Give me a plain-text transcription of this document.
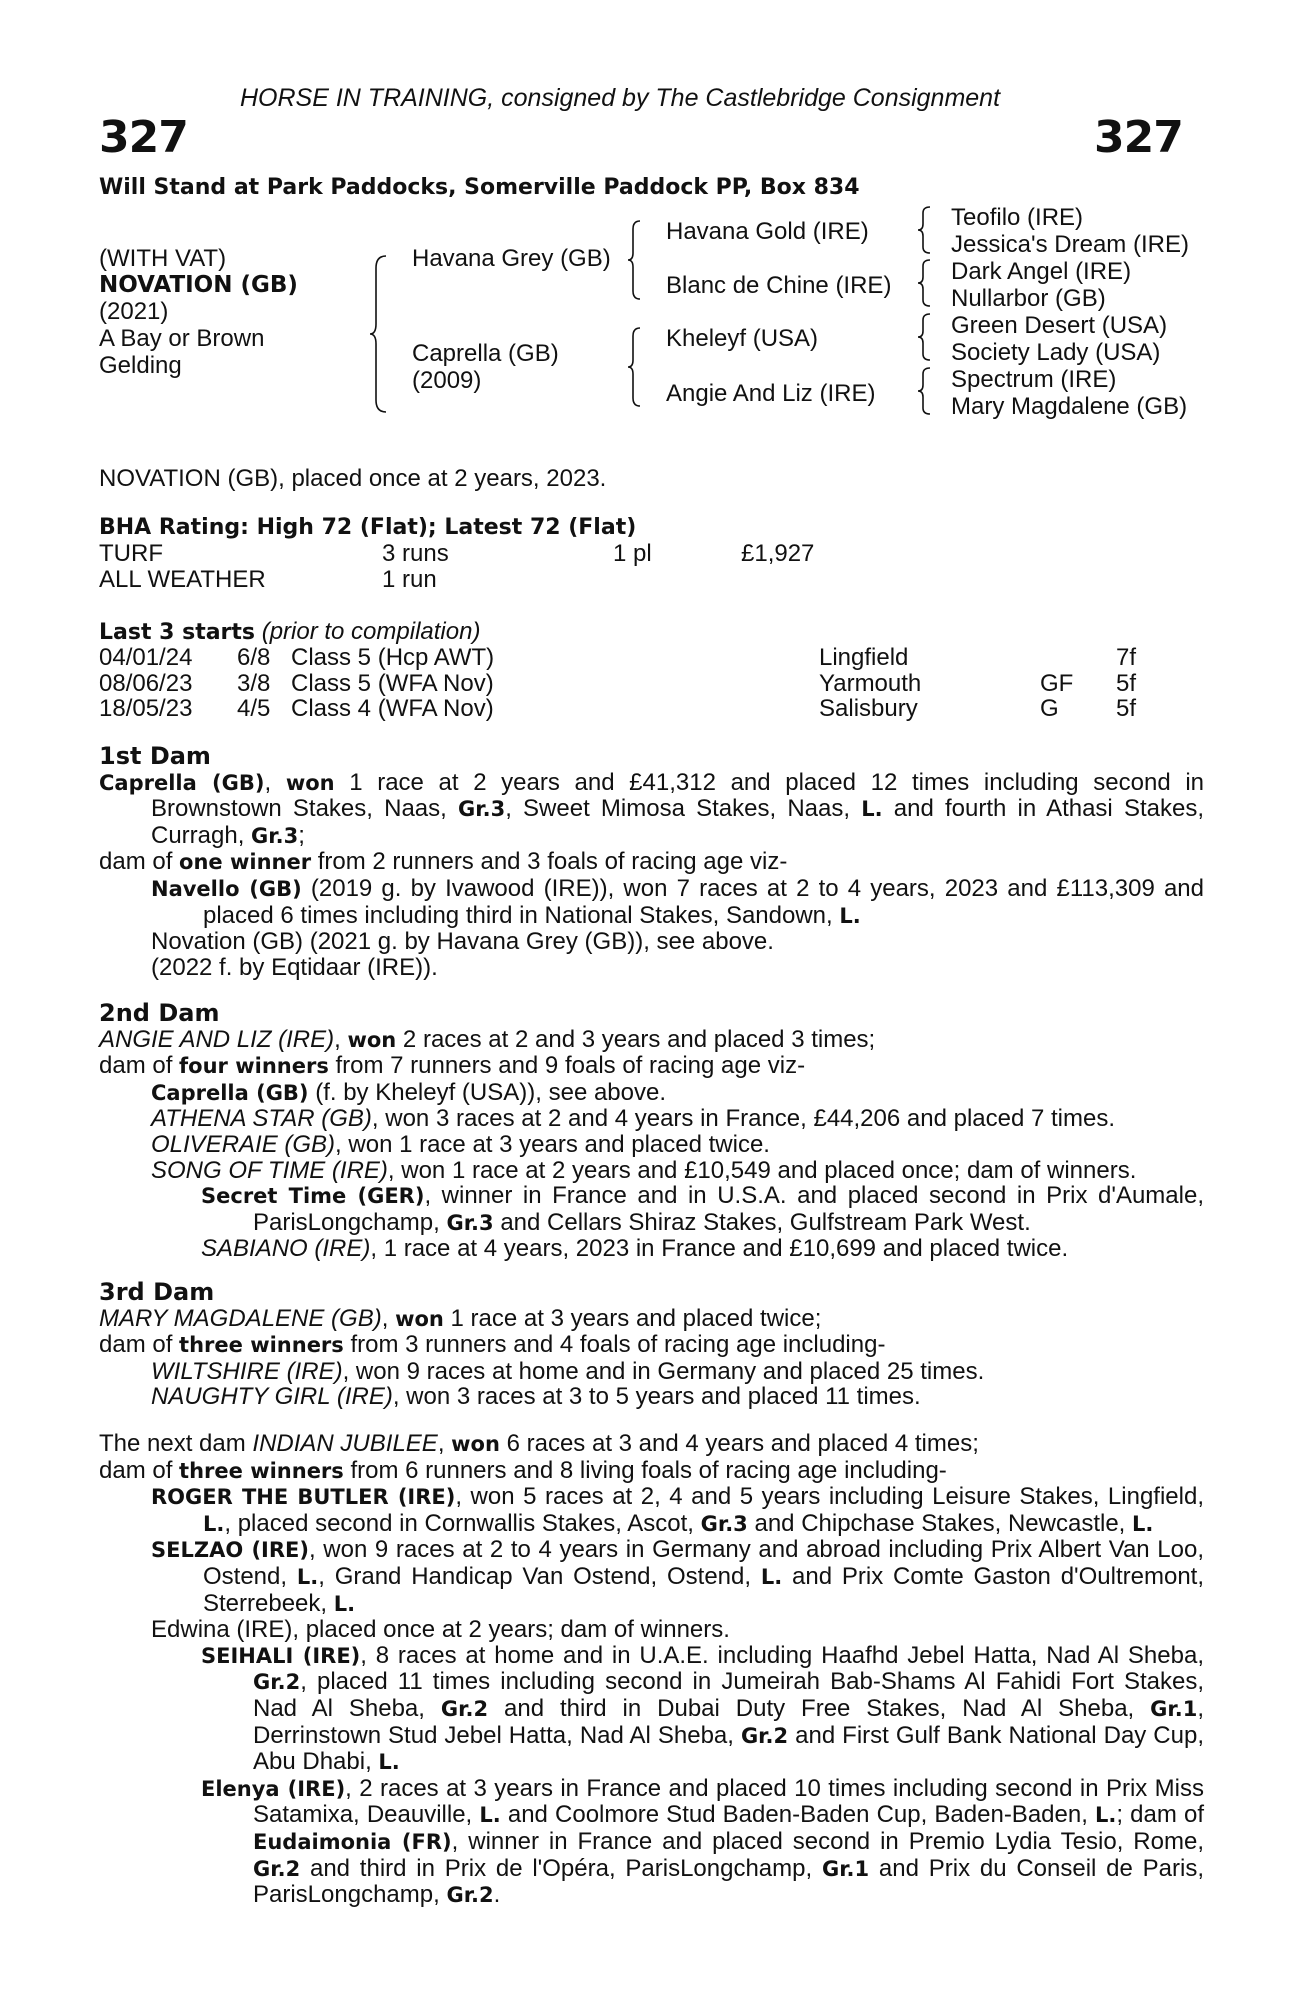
HORSE IN TRAINING, consigned by The Castlebridge Consignment
327	327
Will Stand at Park Paddocks, Somerville Paddock PP, Box 834
(WITH VAT)
NOVATION (GB)
(2021)
A Bay or Brown
Gelding
Havana Grey (GB)
Caprella (GB)
(2009)
Havana Gold (IRE)
Blanc de Chine (IRE)
Kheleyf (USA)
Angie And Liz (IRE)
Teofilo (IRE)
Jessica's Dream (IRE)
Dark Angel (IRE)
Nullarbor (GB)
Green Desert (USA)
Society Lady (USA)
Spectrum (IRE)
Mary Magdalene (GB)
NOVATION (GB), placed once at 2 years, 2023.
BHA Rating: High 72 (Flat); Latest 72 (Flat)
TURF	3 runs	1 pl	£1,927
ALL WEATHER	1 run
Last 3 starts (prior to compilation)
04/01/24 6/8 Class 5 (Hcp AWT)	Lingfield	7f
08/06/23 3/8 Class 5 (WFA Nov)	Yarmouth	GF 5f
18/05/23 4/5 Class 4 (WFA Nov)	Salisbury	G 5f
1st Dam
Caprella (GB), won 1 race at 2 years and £41,312 and placed 12 times including second in Brownstown Stakes, Naas, Gr.3, Sweet Mimosa Stakes, Naas, L. and fourth in Athasi Stakes, Curragh, Gr.3;
dam of one winner from 2 runners and 3 foals of racing age viz-
Navello (GB) (2019 g. by Ivawood (IRE)), won 7 races at 2 to 4 years, 2023 and £113,309 and placed 6 times including third in National Stakes, Sandown, L.
Novation (GB) (2021 g. by Havana Grey (GB)), see above.
(2022 f. by Eqtidaar (IRE)).
2nd Dam
ANGIE AND LIZ (IRE), won 2 races at 2 and 3 years and placed 3 times;
dam of four winners from 7 runners and 9 foals of racing age viz-
Caprella (GB) (f. by Kheleyf (USA)), see above.
ATHENA STAR (GB), won 3 races at 2 and 4 years in France, £44,206 and placed 7 times.
OLIVERAIE (GB), won 1 race at 3 years and placed twice.
SONG OF TIME (IRE), won 1 race at 2 years and £10,549 and placed once; dam of winners.
Secret Time (GER), winner in France and in U.S.A. and placed second in Prix d'Aumale, ParisLongchamp, Gr.3 and Cellars Shiraz Stakes, Gulfstream Park West.
SABIANO (IRE), 1 race at 4 years, 2023 in France and £10,699 and placed twice.
3rd Dam
MARY MAGDALENE (GB), won 1 race at 3 years and placed twice;
dam of three winners from 3 runners and 4 foals of racing age including-
WILTSHIRE (IRE), won 9 races at home and in Germany and placed 25 times.
NAUGHTY GIRL (IRE), won 3 races at 3 to 5 years and placed 11 times.
The next dam INDIAN JUBILEE, won 6 races at 3 and 4 years and placed 4 times;
dam of three winners from 6 runners and 8 living foals of racing age including-
ROGER THE BUTLER (IRE), won 5 races at 2, 4 and 5 years including Leisure Stakes, Lingfield, L., placed second in Cornwallis Stakes, Ascot, Gr.3 and Chipchase Stakes, Newcastle, L.
SELZAO (IRE), won 9 races at 2 to 4 years in Germany and abroad including Prix Albert Van Loo, Ostend, L., Grand Handicap Van Ostend, Ostend, L. and Prix Comte Gaston d'Oultremont, Sterrebeek, L.
Edwina (IRE), placed once at 2 years; dam of winners.
SEIHALI (IRE), 8 races at home and in U.A.E. including Haafhd Jebel Hatta, Nad Al Sheba, Gr.2, placed 11 times including second in Jumeirah Bab-Shams Al Fahidi Fort Stakes, Nad Al Sheba, Gr.2 and third in Dubai Duty Free Stakes, Nad Al Sheba, Gr.1, Derrinstown Stud Jebel Hatta, Nad Al Sheba, Gr.2 and First Gulf Bank National Day Cup, Abu Dhabi, L.
Elenya (IRE), 2 races at 3 years in France and placed 10 times including second in Prix Miss Satamixa, Deauville, L. and Coolmore Stud Baden-Baden Cup, Baden-Baden, L.; dam of Eudaimonia (FR), winner in France and placed second in Premio Lydia Tesio, Rome, Gr.2 and third in Prix de l'Opéra, ParisLongchamp, Gr.1 and Prix du Conseil de Paris, ParisLongchamp, Gr.2.
